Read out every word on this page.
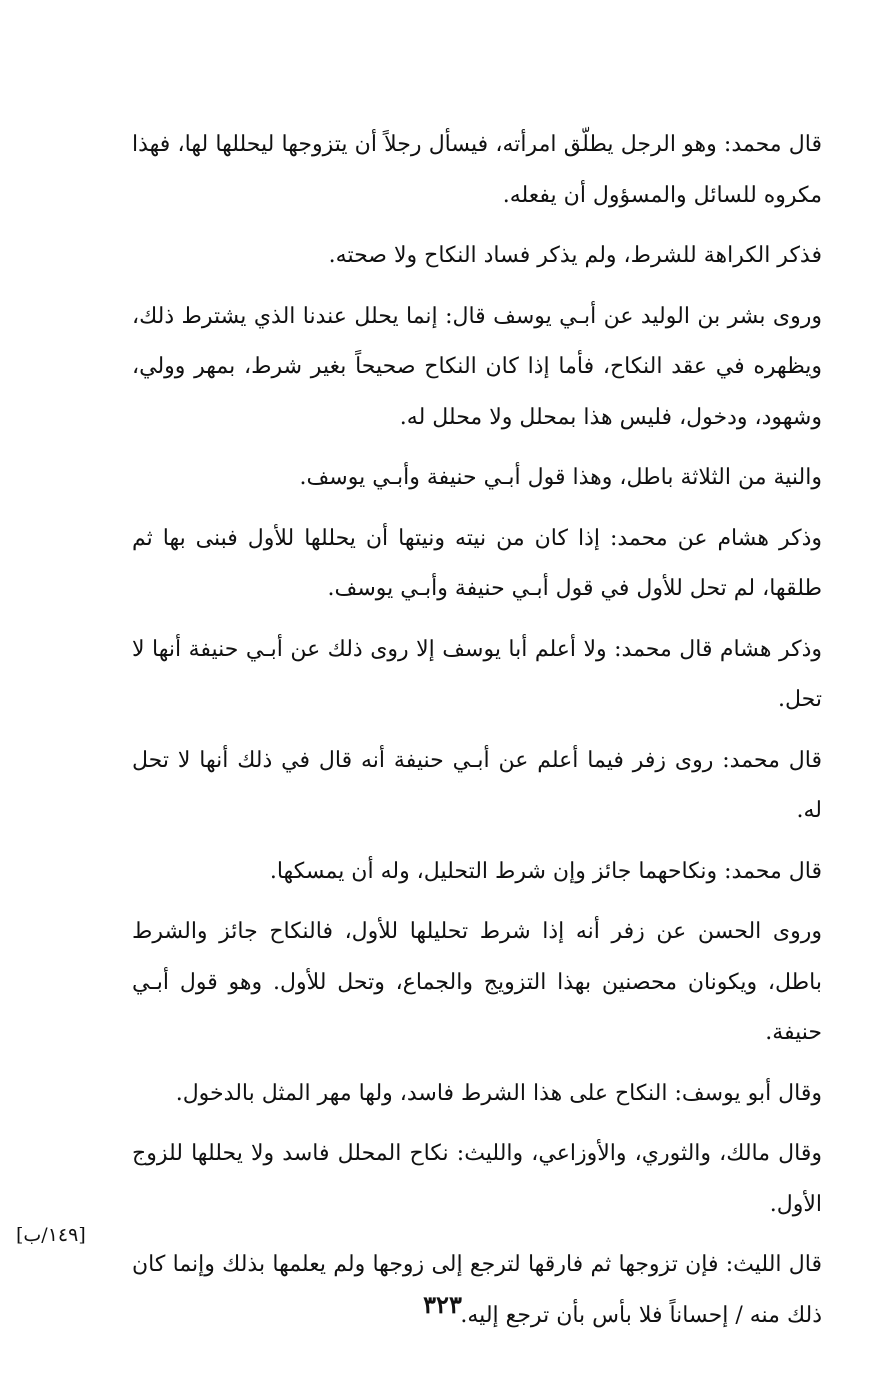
قال محمد: وهو الرجل يطلّق امرأته، فيسأل رجلاً أن يتزوجها ليحللها لها، فهذا مكروه للسائل والمسؤول أن يفعله.

فذكر الكراهة للشرط، ولم يذكر فساد النكاح ولا صحته.

وروى بشر بن الوليد عن أبـي يوسف قال: إنما يحلل عندنا الذي يشترط ذلك، ويظهره في عقد النكاح، فأما إذا كان النكاح صحيحاً بغير شرط، بمهر وولي، وشهود، ودخول، فليس هذا بمحلل ولا محلل له.

والنية من الثلاثة باطل، وهذا قول أبـي حنيفة وأبـي يوسف.

وذكر هشام عن محمد: إذا كان من نيته ونيتها أن يحللها للأول فبنى بها ثم طلقها، لم تحل للأول في قول أبـي حنيفة وأبـي يوسف.

وذكر هشام قال محمد: ولا أعلم أبا يوسف إلا روى ذلك عن أبـي حنيفة أنها لا تحل.

قال محمد: روى زفر فيما أعلم عن أبـي حنيفة أنه قال في ذلك أنها لا تحل له.

قال محمد: ونكاحهما جائز وإن شرط التحليل، وله أن يمسكها.

وروى الحسن عن زفر أنه إذا شرط تحليلها للأول، فالنكاح جائز والشرط باطل، ويكونان محصنين بهذا التزويج والجماع، وتحل للأول. وهو قول أبـي حنيفة.

وقال أبو يوسف: النكاح على هذا الشرط فاسد، ولها مهر المثل بالدخول.

وقال مالك، والثوري، والأوزاعي، والليث: نكاح المحلل فاسد ولا يحللها للزوج الأول.

قال الليث: فإن تزوجها ثم فارقها لترجع إلى زوجها ولم يعلمها بذلك وإنما كان ذلك منه / إحساناً فلا بأس بأن ترجع إليه.

[١٤٩/ب]
٣٢٣
